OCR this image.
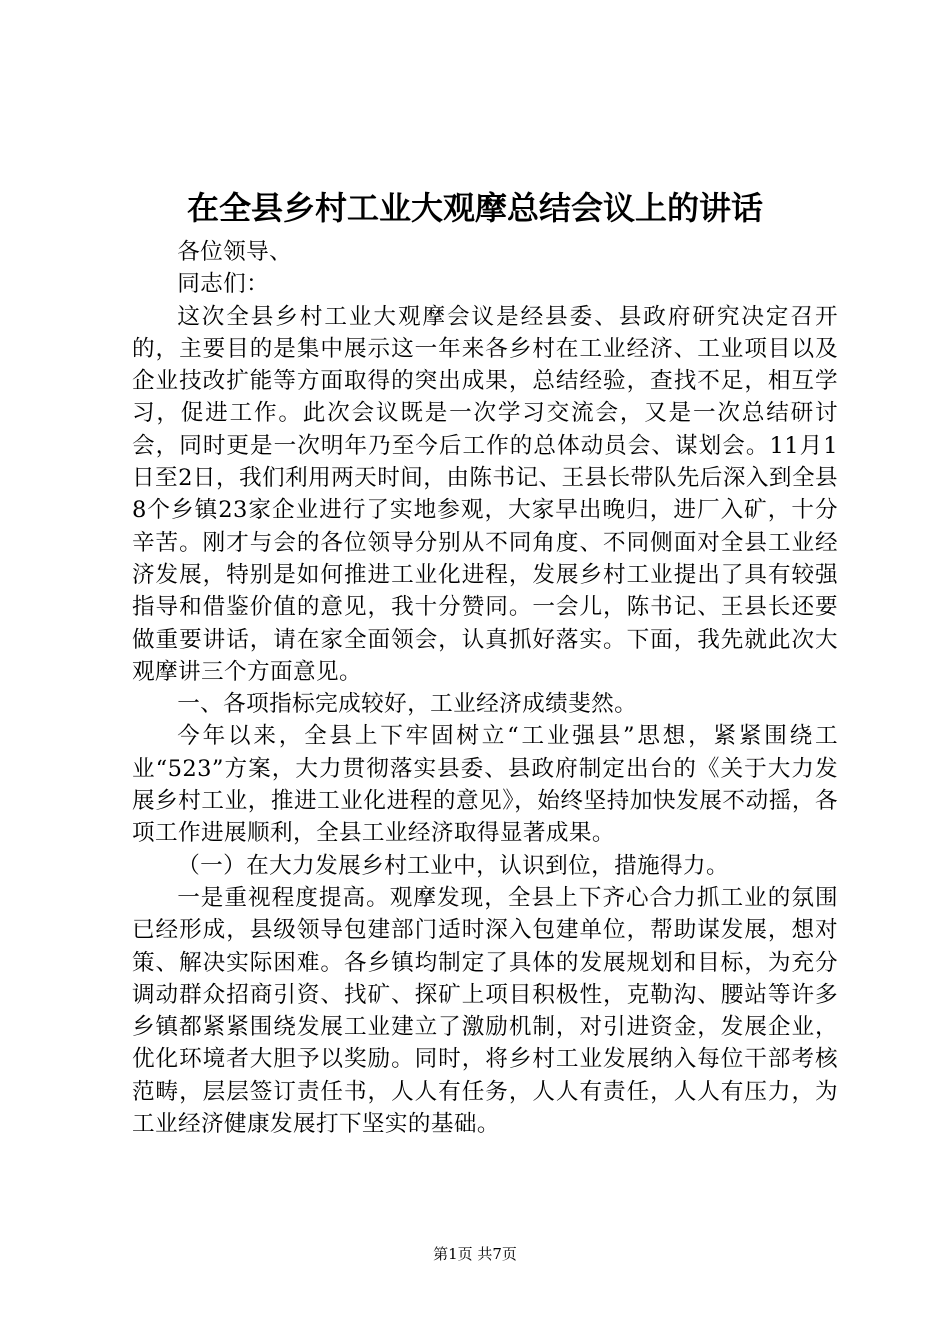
在全县乡村工业大观摩总结会议上的讲话

各位领导、

同志们：

这次全县乡村工业大观摩会议是经县委、县政府研究决定召开的，主要目的是集中展示这一年来各乡村在工业经济、工业项目以及企业技改扩能等方面取得的突出成果，总结经验，查找不足，相互学习，促进工作。此次会议既是一次学习交流会，又是一次总结研讨会，同时更是一次明年乃至今后工作的总体动员会、谋划会。11月1日至2日，我们利用两天时间，由陈书记、王县长带队先后深入到全县8个乡镇23家企业进行了实地参观，大家早出晚归，进厂入矿，十分辛苦。刚才与会的各位领导分别从不同角度、不同侧面对全县工业经济发展，特别是如何推进工业化进程，发展乡村工业提出了具有较强指导和借鉴价值的意见，我十分赞同。一会儿，陈书记、王县长还要做重要讲话，请在家全面领会，认真抓好落实。下面，我先就此次大观摩讲三个方面意见。

一、各项指标完成较好，工业经济成绩斐然。

今年以来，全县上下牢固树立“工业强县”思想，紧紧围绕工业“523”方案，大力贯彻落实县委、县政府制定出台的《关于大力发展乡村工业，推进工业化进程的意见》，始终坚持加快发展不动摇，各项工作进展顺利，全县工业经济取得显著成果。

（一）在大力发展乡村工业中，认识到位，措施得力。

一是重视程度提高。观摩发现，全县上下齐心合力抓工业的氛围已经形成，县级领导包建部门适时深入包建单位，帮助谋发展，想对策、解决实际困难。各乡镇均制定了具体的发展规划和目标，为充分调动群众招商引资、找矿、探矿上项目积极性，克勒沟、腰站等许多乡镇都紧紧围绕发展工业建立了激励机制，对引进资金，发展企业，优化环境者大胆予以奖励。同时，将乡村工业发展纳入每位干部考核范畴，层层签订责任书，人人有任务，人人有责任，人人有压力，为工业经济健康发展打下坚实的基础。

第1页 共7页
